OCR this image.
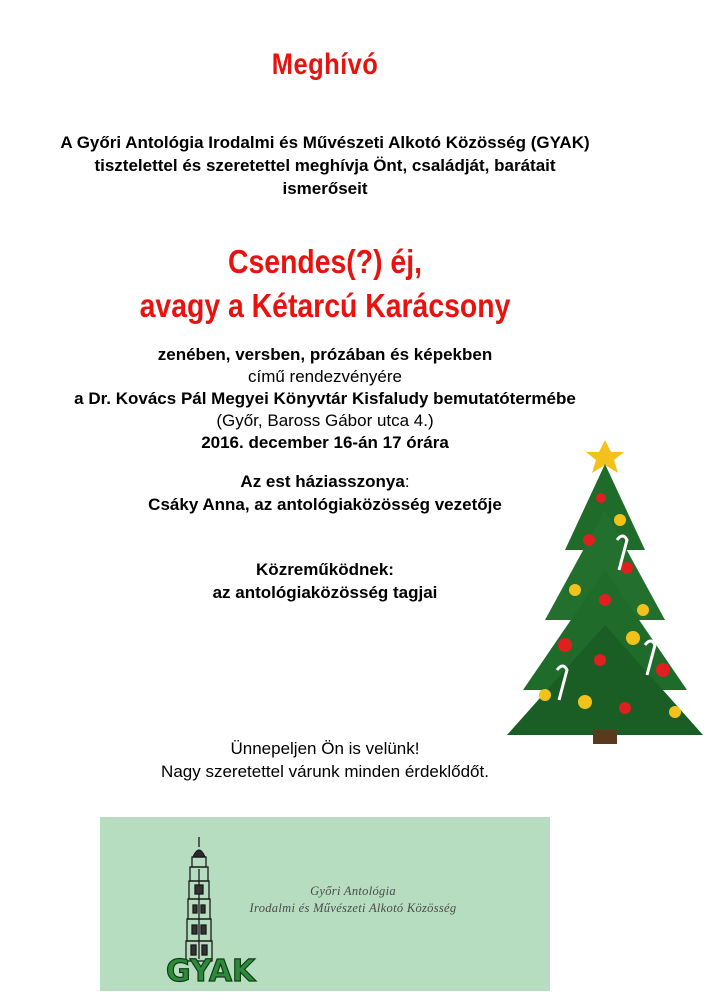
Meghívó
A Győri Antológia Irodalmi és Művészeti Alkotó Közösség (GYAK)
tisztelettel és szeretettel meghívja Önt, családját, barátait
ismerőseit
Csendes(?) éj,
avagy a Kétarcú Karácsony
zenében, versben, prózában és képekben
című rendezvényére
a Dr. Kovács Pál Megyei Könyvtár Kisfaludy bemutatótermébe
(Győr, Baross Gábor utca 4.)
2016. december 16-án 17 órára
Az est háziasszonya:
Csáky Anna, az antológiaközösség vezetője
Közreműködnek:
az antológiaközösség tagjai
Ünnepeljen Ön is velünk!
Nagy szeretettel várunk minden érdeklődőt.
GYAK
Győri Antológia
Irodalmi és Művészeti Alkotó Közösség
